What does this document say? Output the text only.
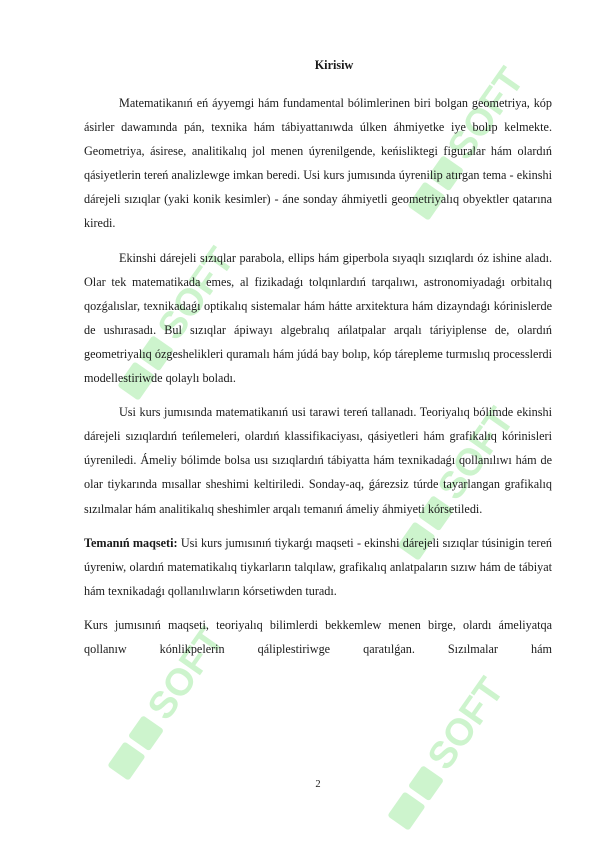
SOFT
SOFT
SOFT
SOFT	SOFT
Kirisiw

Matematikanıń eń áyyemgi hám fundamental bólimlerinen biri bolgan geometriya, kóp ásirler dawamında pán, texnika hám tábiyattanıwda úlken áhmiyetke iye bolıp kelmekte. Geometriya, ásirese, analitikalıq jol menen úyrenilgende, keńisliktegi figuralar hám olardıń qásiyetlerin tereń analizlewge imkan beredi. Usi kurs jumısında úyrenilip atırgan tema - ekinshi dárejeli sızıqlar (yaki konik kesimler) - áne sonday áhmiyetli geometriyalıq obyektler qatarına kiredi.

Ekinshi dárejeli sızıqlar parabola, ellips hám giperbola sıyaqlı sızıqlardı óz ishine aladı. Olar tek matematikada emes, al fizikadaǵı tolqınlardıń tarqalıwı, astronomiyadaǵı orbitalıq qozǵalıslar, texnikadaǵı optikalıq sistemalar hám hátte arxitektura hám dizayndaǵı kórinislerde de ushırasadı. Bul sızıqlar ápiwayı algebralıq ańlatpalar arqalı táriyiplense de, olardıń geometriyalıq ózgeshelikleri quramalı hám júdá bay bolıp, kóp tárepleme turmıslıq processlerdi modellestiriwde qolaylı boladı.

Usi kurs jumısında matematikanıń usi tarawi tereń tallanadı. Teoriyalıq bólimde ekinshi dárejeli sızıqlardıń teńlemeleri, olardıń klassifikaciyası, qásiyetleri hám grafikalıq kórinisleri úyreniledi. Ámeliy bólimde bolsa usı sızıqlardıń tábiyatta hám texnikadaǵı qollanılıwı hám de olar tiykarında mısallar sheshimi keltiriledi. Sonday-aq, ǵárezsiz túrde tayarlangan grafikalıq sızılmalar hám analitikalıq sheshimler arqalı temanıń ámeliy áhmiyeti kórsetiledi.

Temanıń maqseti: Usi kurs jumısınıń tiykarǵı maqseti - ekinshi dárejeli sızıqlar túsinigin tereń úyreniw, olardıń matematikalıq tiykarların talqılaw, grafikalıq anlatpaların sızıw hám de tábiyat hám texnikadaǵı qollanılıwların kórsetiwden turadı.

Kurs jumısınıń maqseti, teoriyalıq bilimlerdi bekkemlew menen birge, olardı ámeliyatqa qollanıw kónlikpelerin qáliplestiriwge qaratılǵan. Sızılmalar hám

2
